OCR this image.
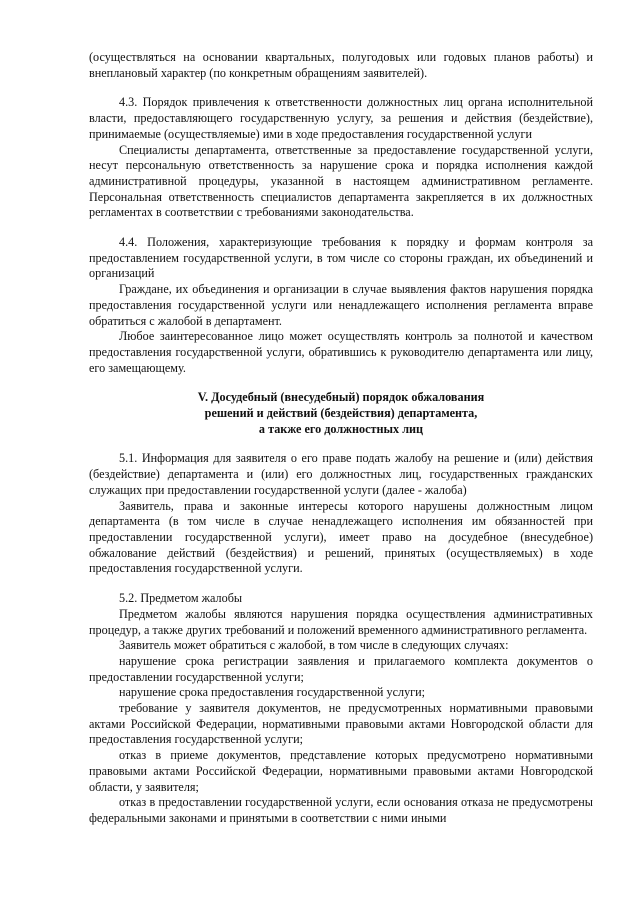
(осуществляться на основании квартальных, полугодовых или годовых планов работы) и внеплановый характер (по конкретным обращениям заявителей).

4.3. Порядок привлечения к ответственности должностных лиц органа исполнительной власти, предоставляющего государственную услугу, за решения и действия (бездействие), принимаемые (осуществляемые) ими в ходе предоставления государственной услуги

Специалисты департамента, ответственные за предоставление государственной услуги, несут персональную ответственность за нарушение срока и порядка исполнения каждой административной процедуры, указанной в настоящем административном регламенте. Персональная ответственность специалистов департамента закрепляется в их должностных регламентах в соответствии с требованиями законодательства.

4.4. Положения, характеризующие требования к порядку и формам контроля за предоставлением государственной услуги, в том числе со стороны граждан, их объединений и организаций

Граждане, их объединения и организации в случае выявления фактов нарушения порядка предоставления государственной услуги или ненадлежащего исполнения регламента вправе обратиться с жалобой в департамент.

Любое заинтересованное лицо может осуществлять контроль за полнотой и качеством предоставления государственной услуги, обратившись к руководителю департамента или лицу, его замещающему.

V. Досудебный (внесудебный) порядок обжалования
решений и действий (бездействия) департамента,
а также его должностных лиц

5.1. Информация для заявителя о его праве подать жалобу на решение и (или) действия (бездействие) департамента и (или) его должностных лиц, государственных гражданских служащих при предоставлении государственной услуги (далее - жалоба)

Заявитель, права и законные интересы которого нарушены должностным лицом департамента (в том числе в случае ненадлежащего исполнения им обязанностей при предоставлении государственной услуги), имеет право на досудебное (внесудебное) обжалование действий (бездействия) и решений, принятых (осуществляемых) в ходе предоставления государственной услуги.

5.2. Предметом жалобы

Предметом жалобы являются нарушения порядка осуществления административных процедур, а также других требований и положений временного административного регламента.

Заявитель может обратиться с жалобой, в том числе в следующих случаях:

нарушение срока регистрации заявления и прилагаемого комплекта документов о предоставлении государственной услуги;

нарушение срока предоставления государственной услуги;

требование у заявителя документов, не предусмотренных нормативными правовыми актами Российской Федерации, нормативными правовыми актами Новгородской области для предоставления государственной услуги;

отказ в приеме документов, представление которых предусмотрено нормативными правовыми актами Российской Федерации, нормативными правовыми актами Новгородской области, у заявителя;

отказ в предоставлении государственной услуги, если основания отказа не предусмотрены федеральными законами и принятыми в соответствии с ними иными
